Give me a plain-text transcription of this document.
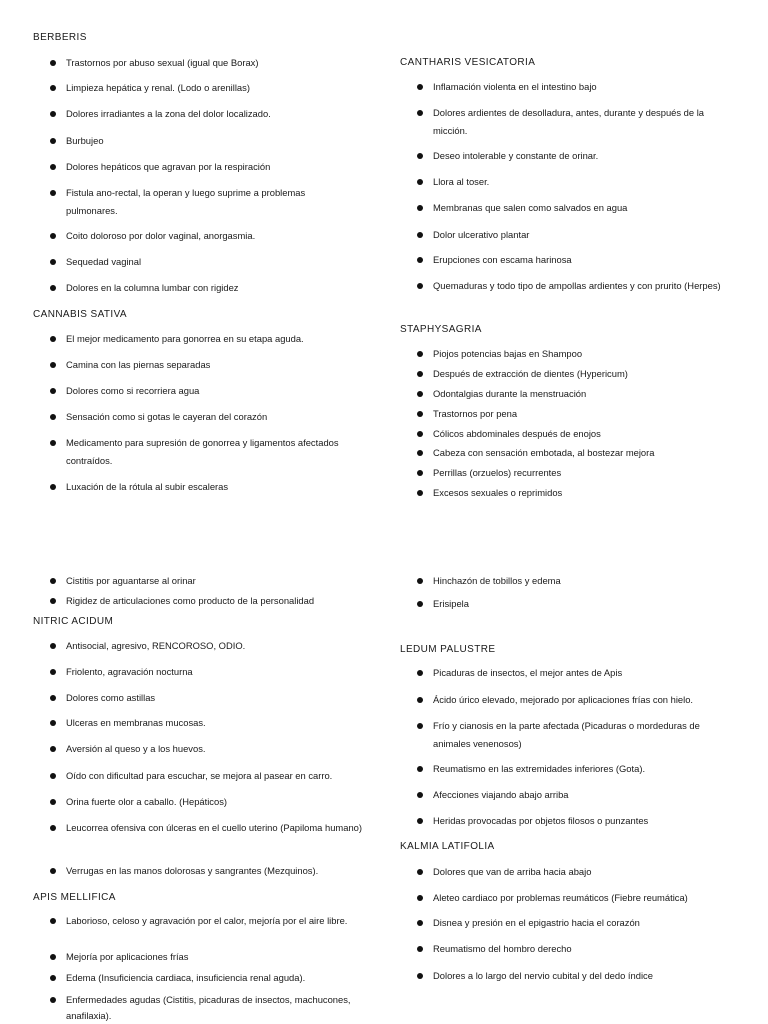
BERBERIS
Trastornos por abuso sexual (igual que Borax)
Limpieza hepática y renal. (Lodo o arenillas)
Dolores irradiantes a la zona del dolor localizado.
Burbujeo
Dolores hepáticos que agravan por la respiración
Fistula ano-rectal, la operan y luego suprime a problemas pulmonares.
Coito doloroso por dolor vaginal, anorgasmia.
Sequedad vaginal
Dolores en la columna lumbar con rigidez
CANNABIS SATIVA
El mejor medicamento para gonorrea en su etapa aguda.
Camina con las piernas separadas
Dolores como si recorriera agua
Sensación como si gotas le cayeran del corazón
Medicamento para supresión de gonorrea y ligamentos afectados contraídos.
Luxación de la rótula al subir escaleras
CANTHARIS VESICATORIA
Inflamación violenta en el intestino bajo
Dolores ardientes de desolladura, antes, durante y después de la micción.
Deseo intolerable y constante de orinar.
Llora al toser.
Membranas que salen como salvados en agua
Dolor ulcerativo plantar
Erupciones con escama harinosa
Quemaduras y todo tipo de ampollas ardientes y con prurito (Herpes)
STAPHYSAGRIA
Piojos potencias bajas en Shampoo
Después de extracción de dientes (Hypericum)
Odontalgias durante la menstruación
Trastornos por pena
Cólicos abdominales después de enojos
Cabeza con sensación embotada, al bostezar mejora
Perrillas (orzuelos) recurrentes
Excesos sexuales o reprimidos
Cistitis por aguantarse al orinar
Rigidez de articulaciones como producto de la personalidad
NITRIC ACIDUM
Antisocial, agresivo, RENCOROSO, ODIO.
Friolento, agravación nocturna
Dolores como astillas
Ulceras en membranas mucosas.
Aversión al queso y a los huevos.
Oído con dificultad para escuchar, se mejora al pasear en carro.
Orina fuerte olor a caballo. (Hepáticos)
Leucorrea ofensiva con úlceras en el cuello uterino (Papiloma humano)
Verrugas en las manos dolorosas y sangrantes (Mezquinos).
APIS MELLIFICA
Laborioso, celoso y agravación por el calor, mejoría por el aire libre.
Mejoría por aplicaciones frías
Edema (Insuficiencia cardiaca, insuficiencia renal aguda).
Enfermedades agudas (Cistitis, picaduras de insectos, machucones, anafilaxia).
Hinchazón de tobillos y edema
Erisipela
LEDUM PALUSTRE
Picaduras de insectos, el mejor antes de Apis
Ácido úrico elevado, mejorado por aplicaciones frías con hielo.
Frío y cianosis en la parte afectada (Picaduras o mordeduras de animales venenosos)
Reumatismo en las extremidades inferiores (Gota).
Afecciones viajando abajo arriba
Heridas provocadas por objetos filosos o punzantes
KALMIA LATIFOLIA
Dolores que van de arriba hacia abajo
Aleteo cardiaco por problemas reumáticos (Fiebre reumática)
Disnea y presión en el epigastrio hacia el corazón
Reumatismo del hombro derecho
Dolores a lo largo del nervio cubital y del dedo índice
